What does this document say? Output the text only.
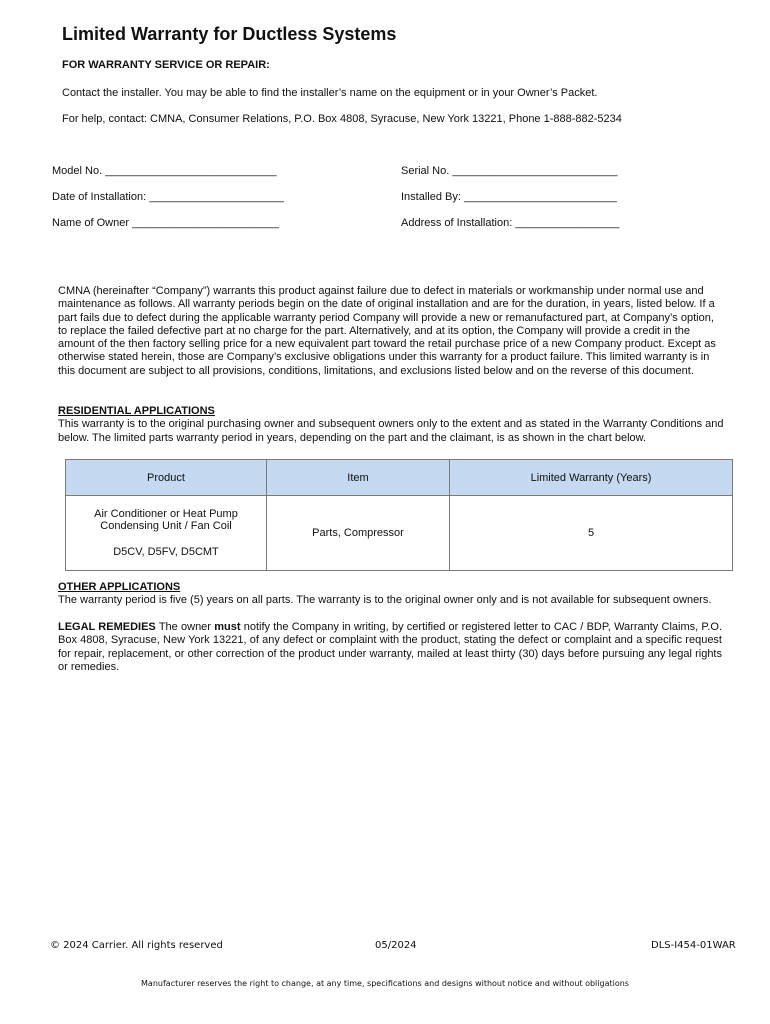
Limited Warranty for Ductless Systems
FOR WARRANTY SERVICE OR REPAIR:
Contact the installer. You may be able to find the installer’s name on the equipment or in your Owner’s Packet.
For help, contact: CMNA, Consumer Relations, P.O. Box 4808, Syracuse, New York 13221, Phone 1-888-882-5234
Model No. ____________________________	Serial No. ___________________________
Date of Installation: ______________________	Installed By: _________________________
Name of Owner ________________________	Address of Installation: _________________
CMNA (hereinafter “Company”) warrants this product against failure due to defect in materials or workmanship under normal use and maintenance as follows. All warranty periods begin on the date of original installation and are for the duration, in years, listed below. If a part fails due to defect during the applicable warranty period Company will provide a new or remanufactured part, at Company’s option, to replace the failed defective part at no charge for the part. Alternatively, and at its option, the Company will provide a credit in the amount of the then factory selling price for a new equivalent part toward the retail purchase price of a new Company product. Except as otherwise stated herein, those are Company’s exclusive obligations under this warranty for a product failure. This limited warranty is in this document are subject to all provisions, conditions, limitations, and exclusions listed below and on the reverse of this document.
RESIDENTIAL APPLICATIONS
This warranty is to the original purchasing owner and subsequent owners only to the extent and as stated in the Warranty Conditions and below. The limited parts warranty period in years, depending on the part and the claimant, is as shown in the chart below.
Product	Item	Limited Warranty (Years)

Air Conditioner or Heat Pump Condensing Unit / Fan Coil
D5CV, D5FV, D5CMT	Parts, Compressor	5
OTHER APPLICATIONS
The warranty period is five (5) years on all parts. The warranty is to the original owner only and is not available for subsequent owners.
LEGAL REMEDIES The owner must notify the Company in writing, by certified or registered letter to CAC / BDP, Warranty Claims, P.O. Box 4808, Syracuse, New York 13221, of any defect or complaint with the product, stating the defect or complaint and a specific request for repair, replacement, or other correction of the product under warranty, mailed at least thirty (30) days before pursuing any legal rights or remedies.
© 2024 Carrier. All rights reserved	05/2024	DLS-I454-01WAR
Manufacturer reserves the right to change, at any time, specifications and designs without notice and without obligations
